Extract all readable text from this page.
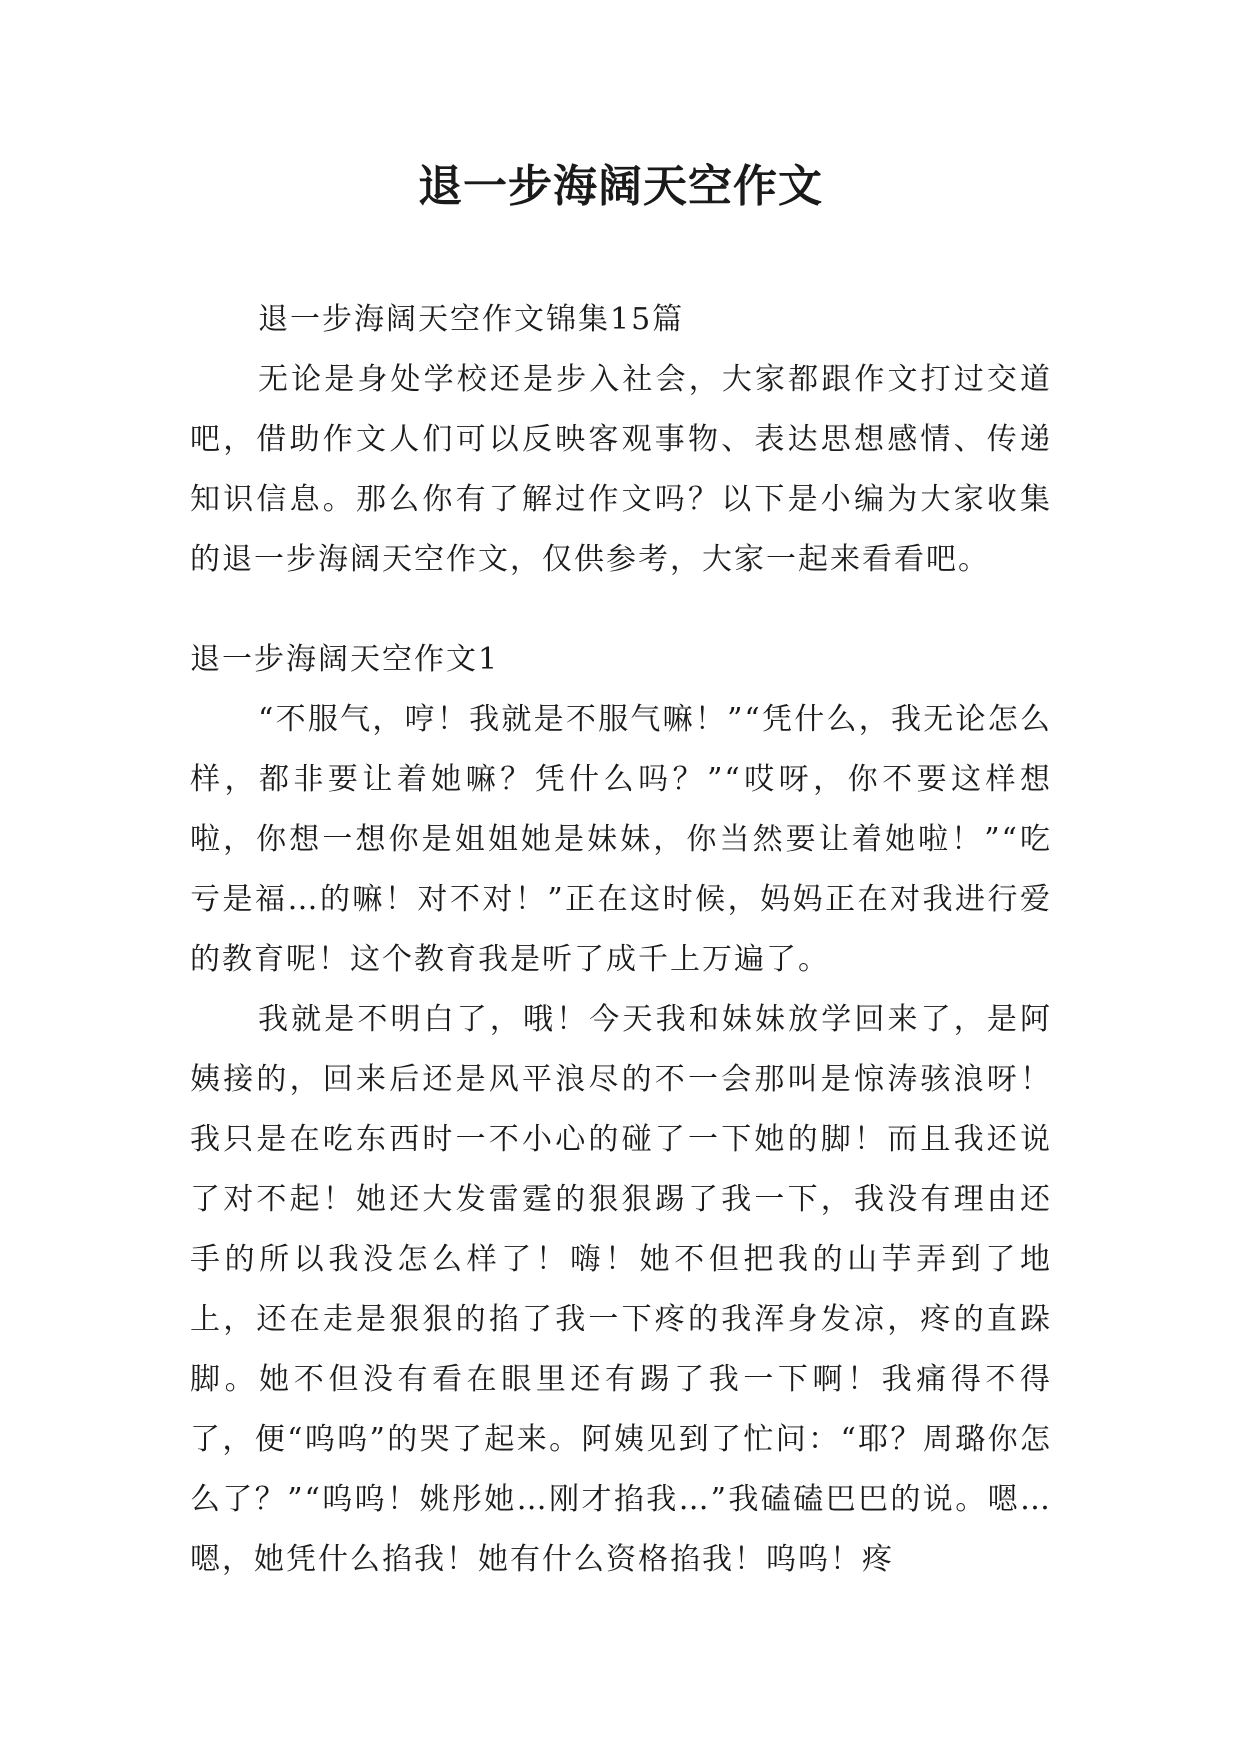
退一步海阔天空作文

退一步海阔天空作文锦集15篇

无论是身处学校还是步入社会，大家都跟作文打过交道吧，借助作文人们可以反映客观事物、表达思想感情、传递知识信息。那么你有了解过作文吗？以下是小编为大家收集的退一步海阔天空作文，仅供参考，大家一起来看看吧。

退一步海阔天空作文1

“不服气，哼！我就是不服气嘛！”“凭什么，我无论怎么样，都非要让着她嘛？凭什么吗？”“哎呀，你不要这样想啦，你想一想你是姐姐她是妹妹，你当然要让着她啦！”“吃亏是福…的嘛！对不对！”正在这时候，妈妈正在对我进行爱的教育呢！这个教育我是听了成千上万遍了。

我就是不明白了，哦！今天我和妹妹放学回来了，是阿姨接的，回来后还是风平浪尽的不一会那叫是惊涛骇浪呀！我只是在吃东西时一不小心的碰了一下她的脚！而且我还说了对不起！她还大发雷霆的狠狠踢了我一下，我没有理由还手的所以我没怎么样了！嗨！她不但把我的山芋弄到了地上，还在走是狠狠的掐了我一下疼的我浑身发凉，疼的直跺脚。她不但没有看在眼里还有踢了我一下啊！我痛得不得了，便“呜呜”的哭了起来。阿姨见到了忙问：“耶？周璐你怎么了？”“呜呜！姚彤她…刚才掐我…”我磕磕巴巴的说。嗯…嗯，她凭什么掐我！她有什么资格掐我！呜呜！疼
